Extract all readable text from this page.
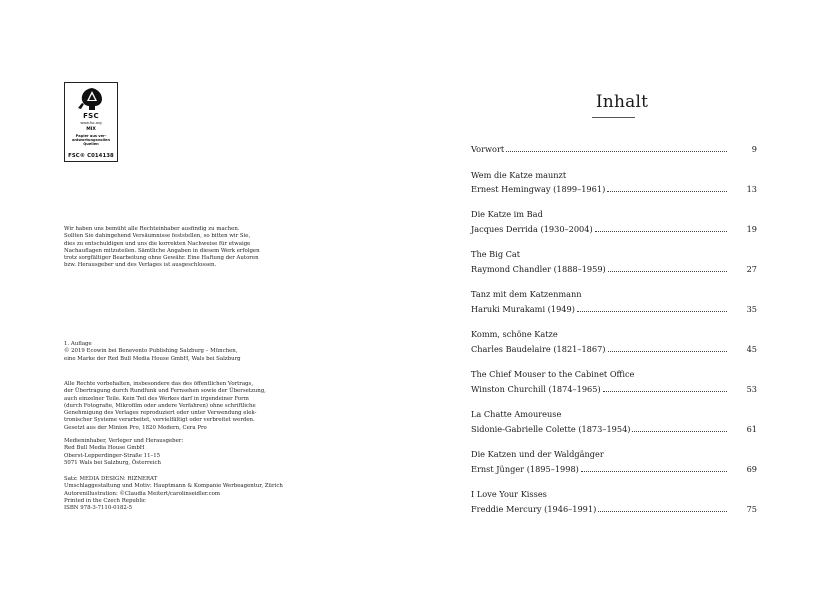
FSC
www.fsc.org
MIX
Papier aus ver-
antwortungsvollen
Quellen
FSC® C014138
Wir haben uns bemüht alle Rechteinhaber ausfindig zu machen.
Sollten Sie dahingehend Versäumnisse feststellen, so bitten wir Sie,
dies zu entschuldigen und uns die korrekten Nachweise für etwaige
Nachauflagen mitzuteilen. Sämtliche Angaben in diesem Werk erfolgen
trotz sorgfältiger Bearbeitung ohne Gewähr. Eine Haftung der Autoren
bzw. Herausgeber und des Verlages ist ausgeschlossen.
1. Auflage
© 2019 Ecowin bei Benevento Publishing Salzburg – München,
eine Marke der Red Bull Media House GmbH, Wals bei Salzburg
Alle Rechte vorbehalten, insbesondere das des öffentlichen Vortrags,
der Übertragung durch Rundfunk und Fernsehen sowie der Übersetzung,
auch einzelner Teile. Kein Teil des Werkes darf in irgendeiner Form
(durch Fotografie, Mikrofilm oder andere Verfahren) ohne schriftliche
Genehmigung des Verlages reproduziert oder unter Verwendung elek-
tronischer Systeme verarbeitet, vervielfältigt oder verbreitet werden.
Gesetzt aus der Minion Pro, 1820 Modern, Cera Pro
Medieninhaber, Verleger und Herausgeber:
Red Bull Media House GmbH
Oberst-Lepperdinger-Straße 11–15
5071 Wals bei Salzburg, Österreich
Satz: MEDIA DESIGN: RIZNERAT
Umschlaggestaltung und Motiv: Hauptmann & Kompanie Werbeagentur, Zürich
Autorenillustration: ©Claudia Meitert/carolinseidler.com
Printed in the Czech Republic
ISBN 978-3-7110-0182-5
Inhalt
Vorwort	9
Wem die Katze maunzt
Ernest Hemingway (1899–1961)	13
Die Katze im Bad
Jacques Derrida (1930–2004)	19
The Big Cat
Raymond Chandler (1888–1959)	27
Tanz mit dem Katzenmann
Haruki Murakami (1949)	35
Komm, schöne Katze
Charles Baudelaire (1821–1867)	45
The Chief Mouser to the Cabinet Office
Winston Churchill (1874–1965)	53
La Chatte Amoureuse
Sidonie-Gabrielle Colette (1873–1954)	61
Die Katzen und der Waldgänger
Ernst Jünger (1895–1998)	69
I Love Your Kisses
Freddie Mercury (1946–1991)	75
